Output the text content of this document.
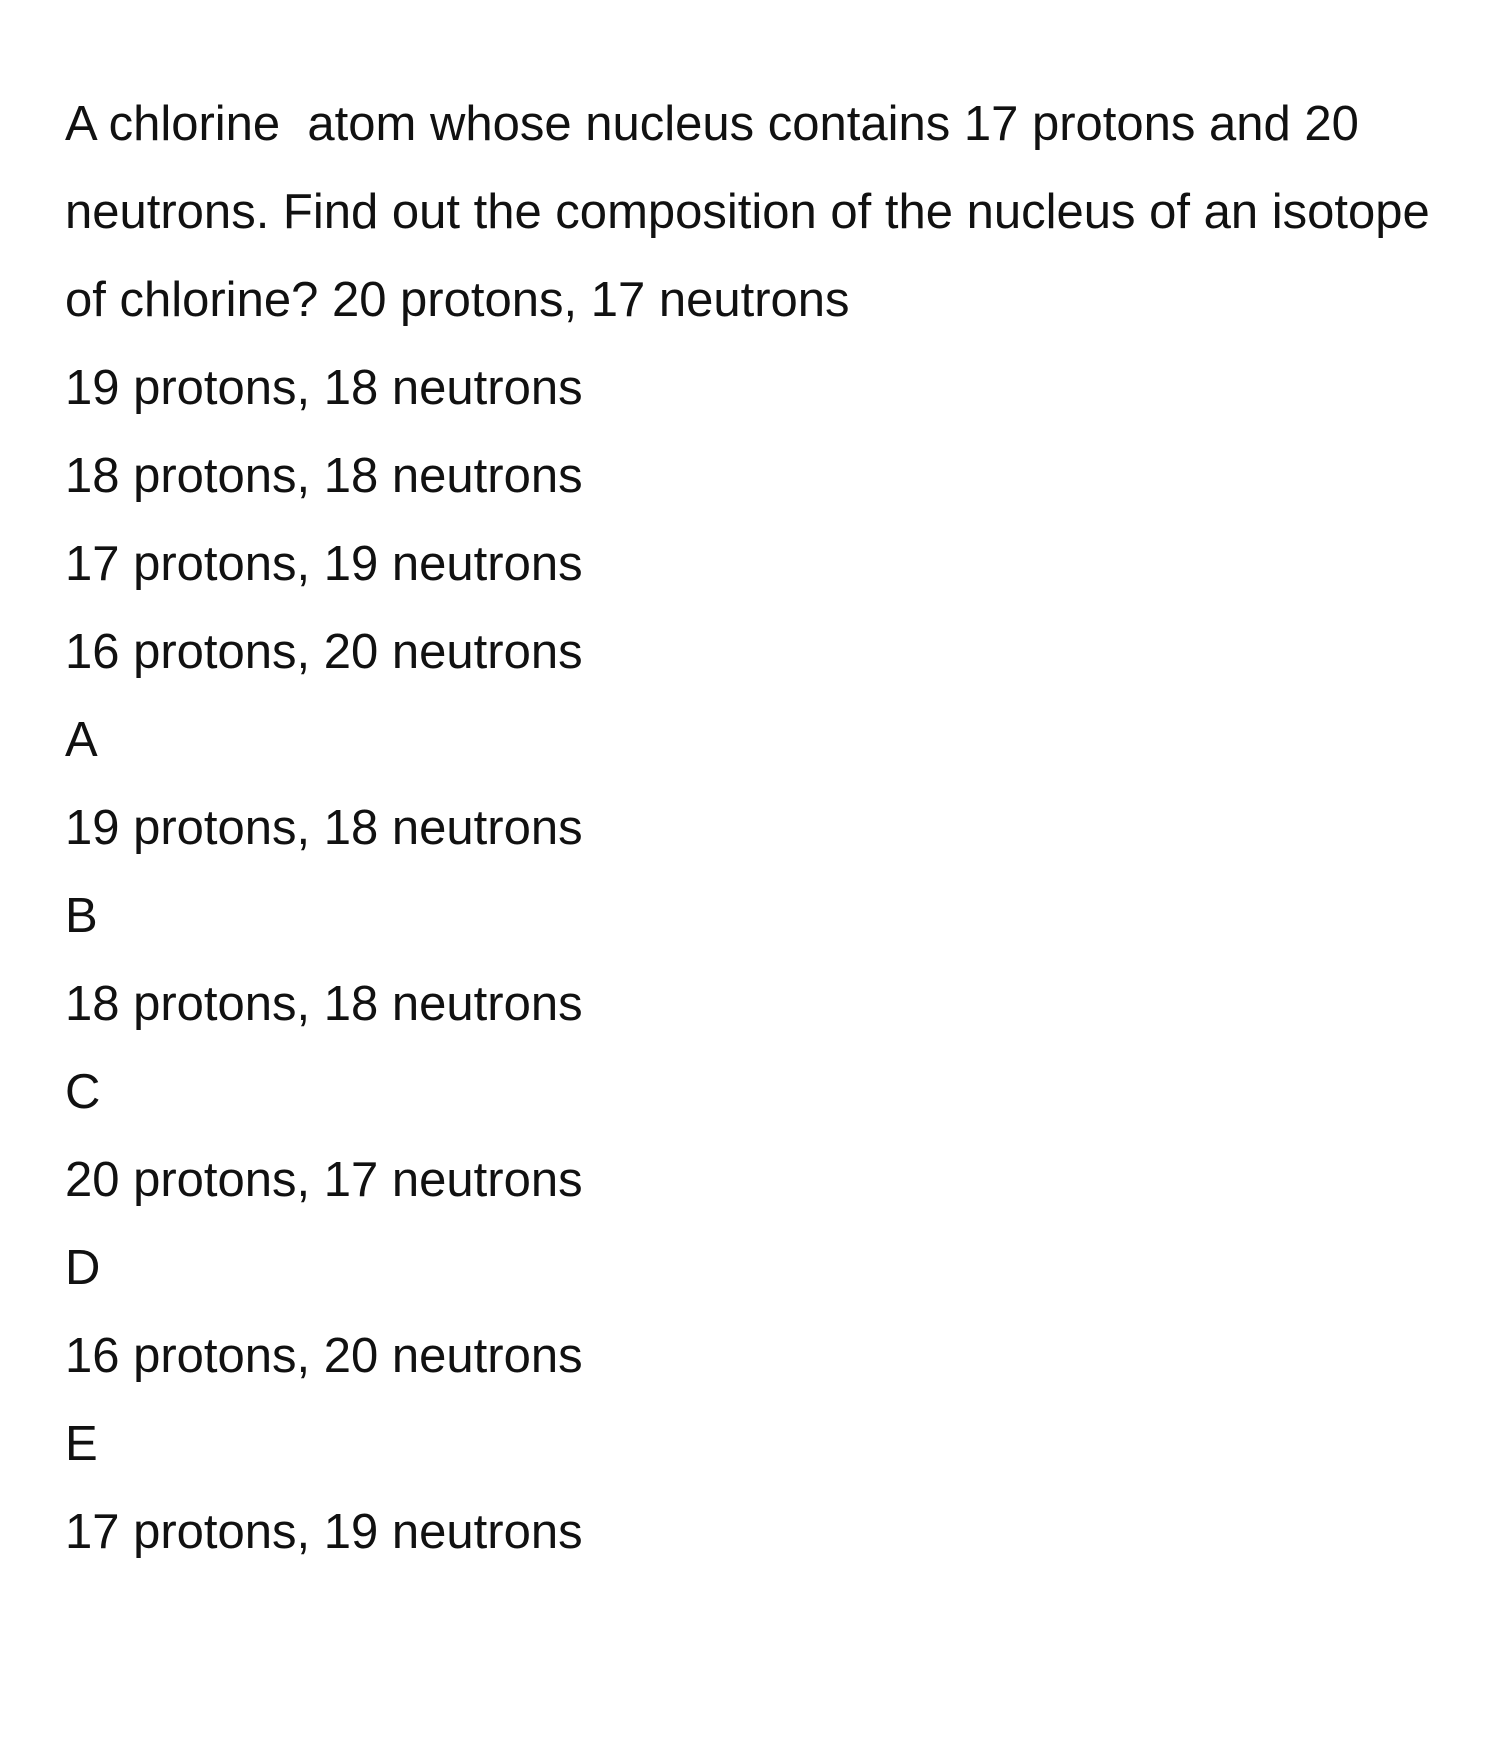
A chlorine  atom whose nucleus contains 17 protons and 20 neutrons. Find out the composition of the nucleus of an isotope of chlorine? 20 protons, 17 neutrons
19 protons, 18 neutrons
18 protons, 18 neutrons
17 protons, 19 neutrons
16 protons, 20 neutrons
A
19 protons, 18 neutrons
B
18 protons, 18 neutrons
C
20 protons, 17 neutrons
D
16 protons, 20 neutrons
E
17 protons, 19 neutrons
